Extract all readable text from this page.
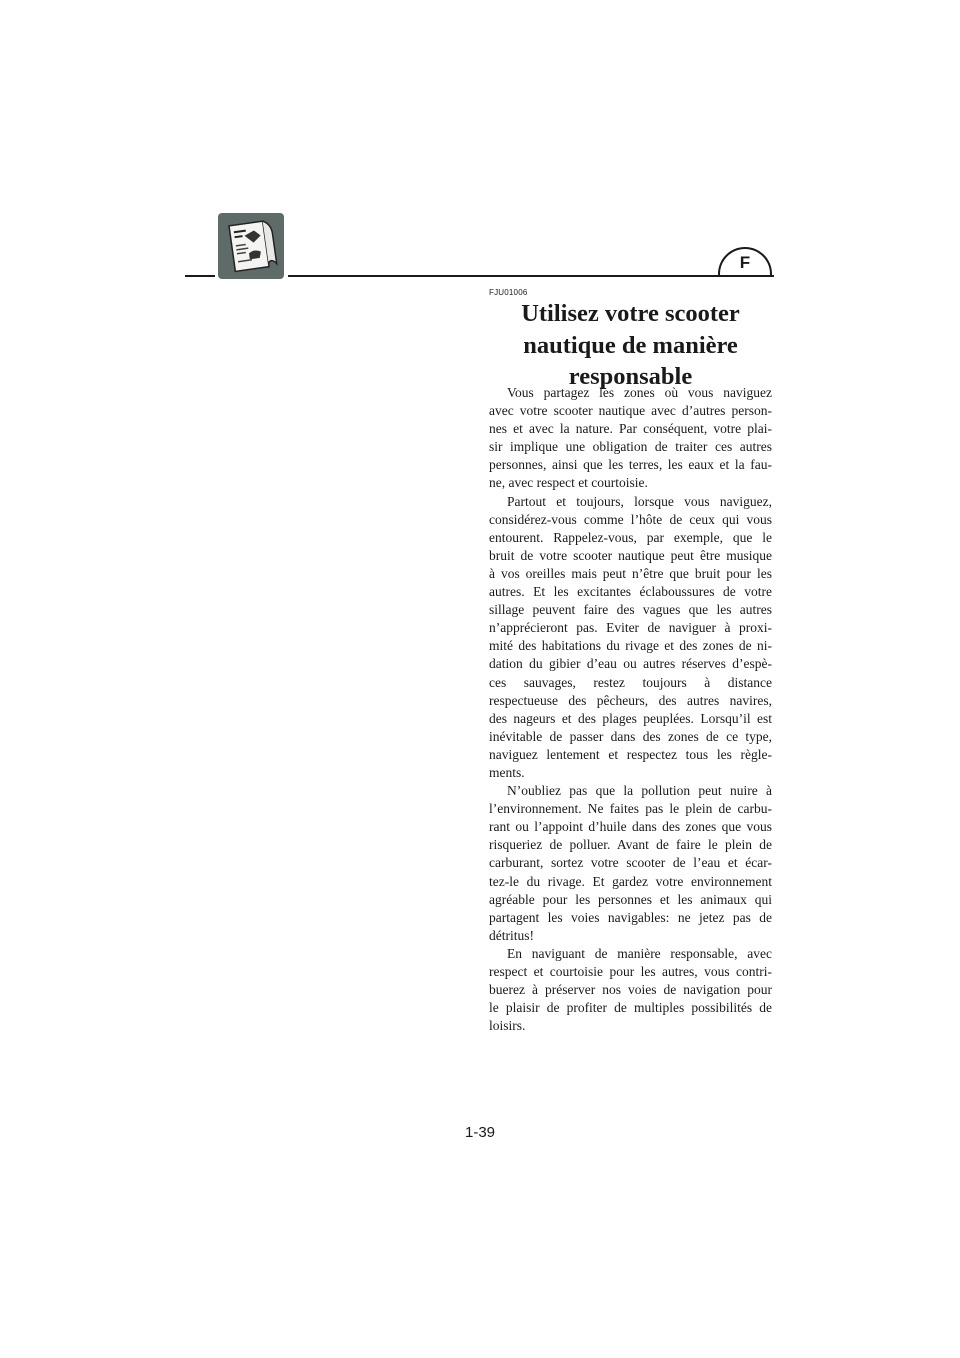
F
FJU01006
Utilisez votre scooter
nautique de manière
responsable
Vous partagez les zones où vous naviguez
avec votre scooter nautique avec d’autres person-
nes et avec la nature. Par conséquent, votre plai-
sir implique une obligation de traiter ces autres
personnes, ainsi que les terres, les eaux et la fau-
ne, avec respect et courtoisie.
Partout et toujours, lorsque vous naviguez,
considérez-vous comme l’hôte de ceux qui vous
entourent. Rappelez-vous, par exemple, que le
bruit de votre scooter nautique peut être musique
à vos oreilles mais peut n’être que bruit pour les
autres. Et les excitantes éclaboussures de votre
sillage peuvent faire des vagues que les autres
n’apprécieront pas. Eviter de naviguer à proxi-
mité des habitations du rivage et des zones de ni-
dation du gibier d’eau ou autres réserves d’espè-
ces sauvages, restez toujours à distance
respectueuse des pêcheurs, des autres navires,
des nageurs et des plages peuplées. Lorsqu’il est
inévitable de passer dans des zones de ce type,
naviguez lentement et respectez tous les règle-
ments.
N’oubliez pas que la pollution peut nuire à
l’environnement. Ne faites pas le plein de carbu-
rant ou l’appoint d’huile dans des zones que vous
risqueriez de polluer. Avant de faire le plein de
carburant, sortez votre scooter de l’eau et écar-
tez-le du rivage. Et gardez votre environnement
agréable pour les personnes et les animaux qui
partagent les voies navigables: ne jetez pas de
détritus!
En naviguant de manière responsable, avec
respect et courtoisie pour les autres, vous contri-
buerez à préserver nos voies de navigation pour
le plaisir de profiter de multiples possibilités de
loisirs.
1-39
